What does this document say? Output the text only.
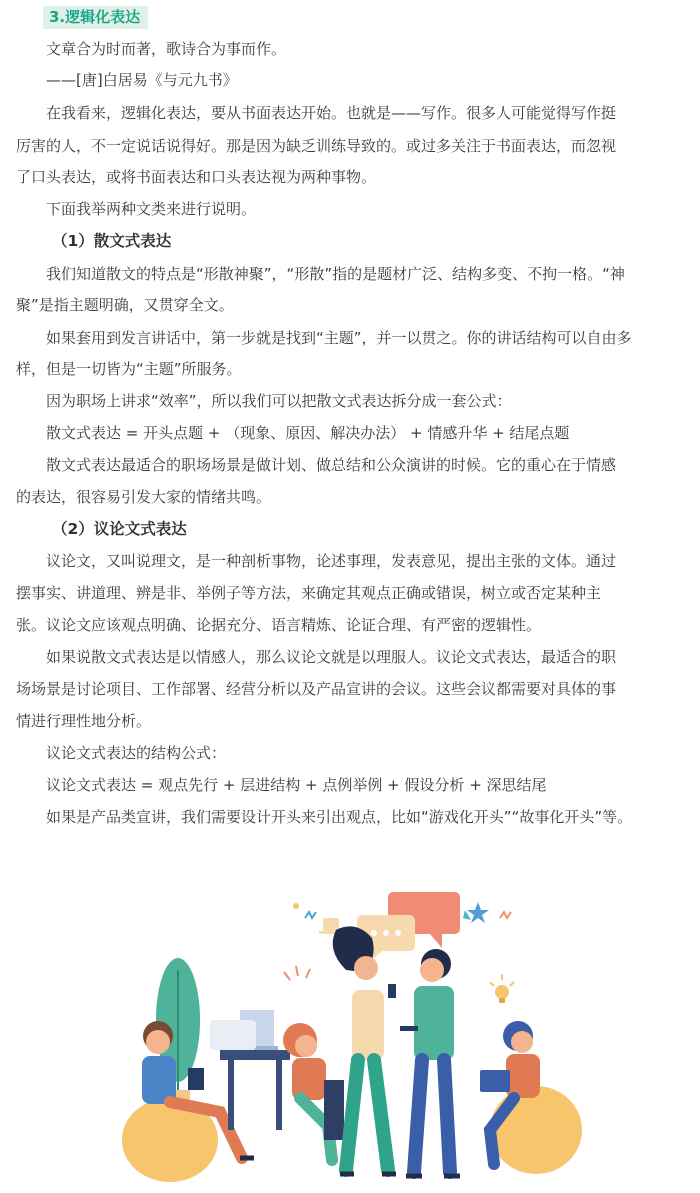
3.逻辑化表达
文章合为时而著，歌诗合为事而作。
——[唐]白居易《与元九书》
在我看来，逻辑化表达，要从书面表达开始。也就是——写作。很多人可能觉得写作挺
厉害的人，不一定说话说得好。那是因为缺乏训练导致的。或过多关注于书面表达，而忽视
了口头表达，或将书面表达和口头表达视为两种事物。
下面我举两种文类来进行说明。
（1）散文式表达
我们知道散文的特点是“形散神聚”，“形散”指的是题材广泛、结构多变、不拘一格。“神
聚”是指主题明确，又贯穿全文。
如果套用到发言讲话中，第一步就是找到“主题”，并一以贯之。你的讲话结构可以自由多
样，但是一切皆为“主题”所服务。
因为职场上讲求“效率”，所以我们可以把散文式表达拆分成一套公式：
散文式表达 = 开头点题 + （现象、原因、解决办法） + 情感升华 + 结尾点题
散文式表达最适合的职场场景是做计划、做总结和公众演讲的时候。它的重心在于情感
的表达，很容易引发大家的情绪共鸣。
（2）议论文式表达
议论文，又叫说理文，是一种剖析事物，论述事理，发表意见，提出主张的文体。通过
摆事实、讲道理、辨是非、举例子等方法，来确定其观点正确或错误，树立或否定某种主
张。议论文应该观点明确、论据充分、语言精炼、论证合理、有严密的逻辑性。
如果说散文式表达是以情感人，那么议论文就是以理服人。议论文式表达，最适合的职
场场景是讨论项目、工作部署、经营分析以及产品宣讲的会议。这些会议都需要对具体的事
情进行理性地分析。
议论文式表达的结构公式：
议论文式表达 = 观点先行 + 层进结构 + 点例举例 + 假设分析 + 深思结尾
如果是产品类宣讲，我们需要设计开头来引出观点，比如“游戏化开头”“故事化开头”等。
